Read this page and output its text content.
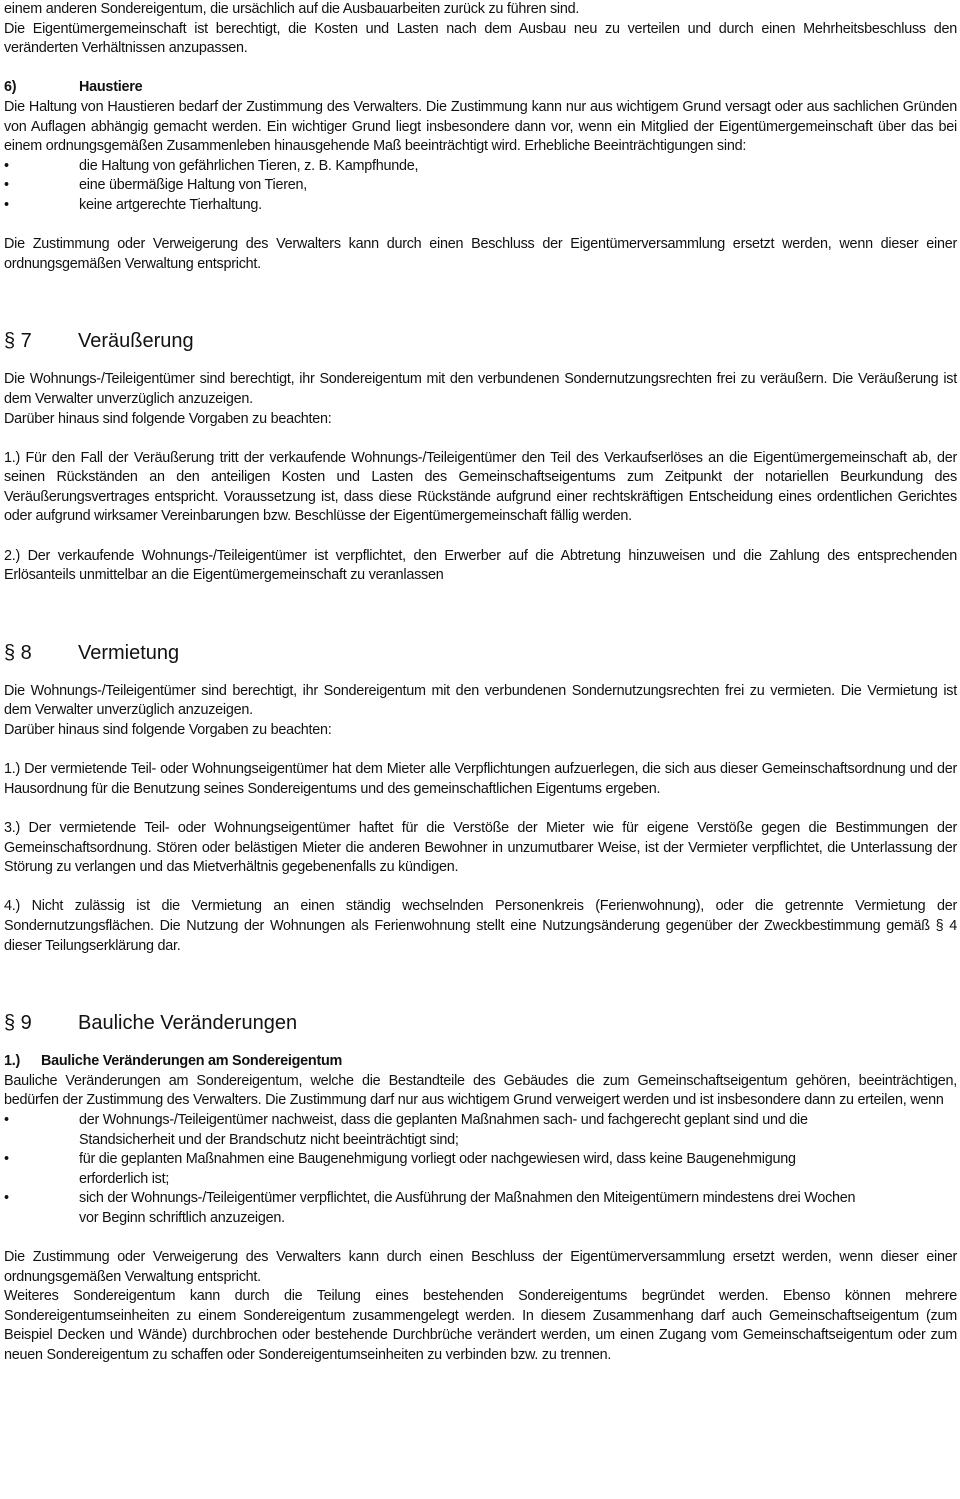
einem anderen Sondereigentum, die ursächlich auf die Ausbauarbeiten zurück zu führen sind.

Die Eigentümergemeinschaft ist berechtigt, die Kosten und Lasten nach dem Ausbau neu zu verteilen und durch einen Mehrheitsbeschluss den veränderten Verhältnissen anzupassen.

6)	Haustiere

Die Haltung von Haustieren bedarf der Zustimmung des Verwalters. Die Zustimmung kann nur aus wichtigem Grund versagt oder aus sachlichen Gründen von Auflagen abhängig gemacht werden. Ein wichtiger Grund liegt insbesondere dann vor, wenn ein Mitglied der Eigentümergemeinschaft über das bei einem ordnungsgemäßen Zusammenleben hinausgehende Maß beeinträchtigt wird. Erhebliche Beeinträchtigungen sind:

•	die Haltung von gefährlichen Tieren, z. B. Kampfhunde,
•	eine übermäßige Haltung von Tieren,
•	keine artgerechte Tierhaltung.

Die Zustimmung oder Verweigerung des Verwalters kann durch einen Beschluss der Eigentümerversammlung ersetzt werden, wenn dieser einer ordnungsgemäßen Verwaltung entspricht.

§ 7	Veräußerung

Die Wohnungs-/Teileigentümer sind berechtigt, ihr Sondereigentum mit den verbundenen Sondernutzungsrechten frei zu veräußern. Die Veräußerung ist dem Verwalter unverzüglich anzuzeigen.

Darüber hinaus sind folgende Vorgaben zu beachten:

1.) Für den Fall der Veräußerung tritt der verkaufende Wohnungs-/Teileigentümer den Teil des Verkaufserlöses an die Eigentümergemeinschaft ab, der seinen Rückständen an den anteiligen Kosten und Lasten des Gemeinschaftseigentums zum Zeitpunkt der notariellen Beurkundung des Veräußerungsvertrages entspricht. Voraussetzung ist, dass diese Rückstände aufgrund einer rechtskräftigen Entscheidung eines ordentlichen Gerichtes oder aufgrund wirksamer Vereinbarungen bzw. Beschlüsse der Eigentümergemeinschaft fällig werden.

2.) Der verkaufende Wohnungs-/Teileigentümer ist verpflichtet, den Erwerber auf die Abtretung hinzuweisen und die Zahlung des entsprechenden Erlösanteils unmittelbar an die Eigentümergemeinschaft zu veranlassen

§ 8	Vermietung

Die Wohnungs-/Teileigentümer sind berechtigt, ihr Sondereigentum mit den verbundenen Sondernutzungsrechten frei zu vermieten. Die Vermietung ist dem Verwalter unverzüglich anzuzeigen.

Darüber hinaus sind folgende Vorgaben zu beachten:

1.) Der vermietende Teil- oder Wohnungseigentümer hat dem Mieter alle Verpflichtungen aufzuerlegen, die sich aus dieser Gemeinschaftsordnung und der Hausordnung für die Benutzung seines Sondereigentums und des gemeinschaftlichen Eigentums ergeben.

3.) Der vermietende Teil- oder Wohnungseigentümer haftet für die Verstöße der Mieter wie für eigene Verstöße gegen die Bestimmungen der Gemeinschaftsordnung. Stören oder belästigen Mieter die anderen Bewohner in unzumutbarer Weise, ist der Vermieter verpflichtet, die Unterlassung der Störung zu verlangen und das Mietverhältnis gegebenenfalls zu kündigen.

4.) Nicht zulässig ist die Vermietung an einen ständig wechselnden Personenkreis (Ferienwohnung), oder die getrennte Vermietung der Sondernutzungsflächen. Die Nutzung der Wohnungen als Ferienwohnung stellt eine Nutzungsänderung gegenüber der Zweckbestimmung gemäß § 4 dieser Teilungserklärung dar.

§ 9	Bauliche Veränderungen
1.)	Bauliche Veränderungen am Sondereigentum

Bauliche Veränderungen am Sondereigentum, welche die Bestandteile des Gebäudes die zum Gemeinschaftseigentum gehören, beeinträchtigen, bedürfen der Zustimmung des Verwalters. Die Zustimmung darf nur aus wichtigem Grund verweigert werden und ist insbesondere dann zu erteilen, wenn

•	der Wohnungs-/Teileigentümer nachweist, dass die geplanten Maßnahmen sach- und fachgerecht geplant sind und die Standsicherheit und der Brandschutz nicht beeinträchtigt sind;
•	für die geplanten Maßnahmen eine Baugenehmigung vorliegt oder nachgewiesen wird, dass keine Baugenehmigung erforderlich ist;
•	sich der Wohnungs-/Teileigentümer verpflichtet, die Ausführung der Maßnahmen den Miteigentümern mindestens drei Wochen vor Beginn schriftlich anzuzeigen.

Die Zustimmung oder Verweigerung des Verwalters kann durch einen Beschluss der Eigentümerversammlung ersetzt werden, wenn dieser einer ordnungsgemäßen Verwaltung entspricht.

Weiteres Sondereigentum kann durch die Teilung eines bestehenden Sondereigentums begründet werden. Ebenso können mehrere Sondereigentumseinheiten zu einem Sondereigentum zusammengelegt werden. In diesem Zusammenhang darf auch Gemeinschaftseigentum (zum Beispiel Decken und Wände) durchbrochen oder bestehende Durchbrüche verändert werden, um einen Zugang vom Gemeinschaftseigentum oder zum neuen Sondereigentum zu schaffen oder Sondereigentumseinheiten zu verbinden bzw. zu trennen.
